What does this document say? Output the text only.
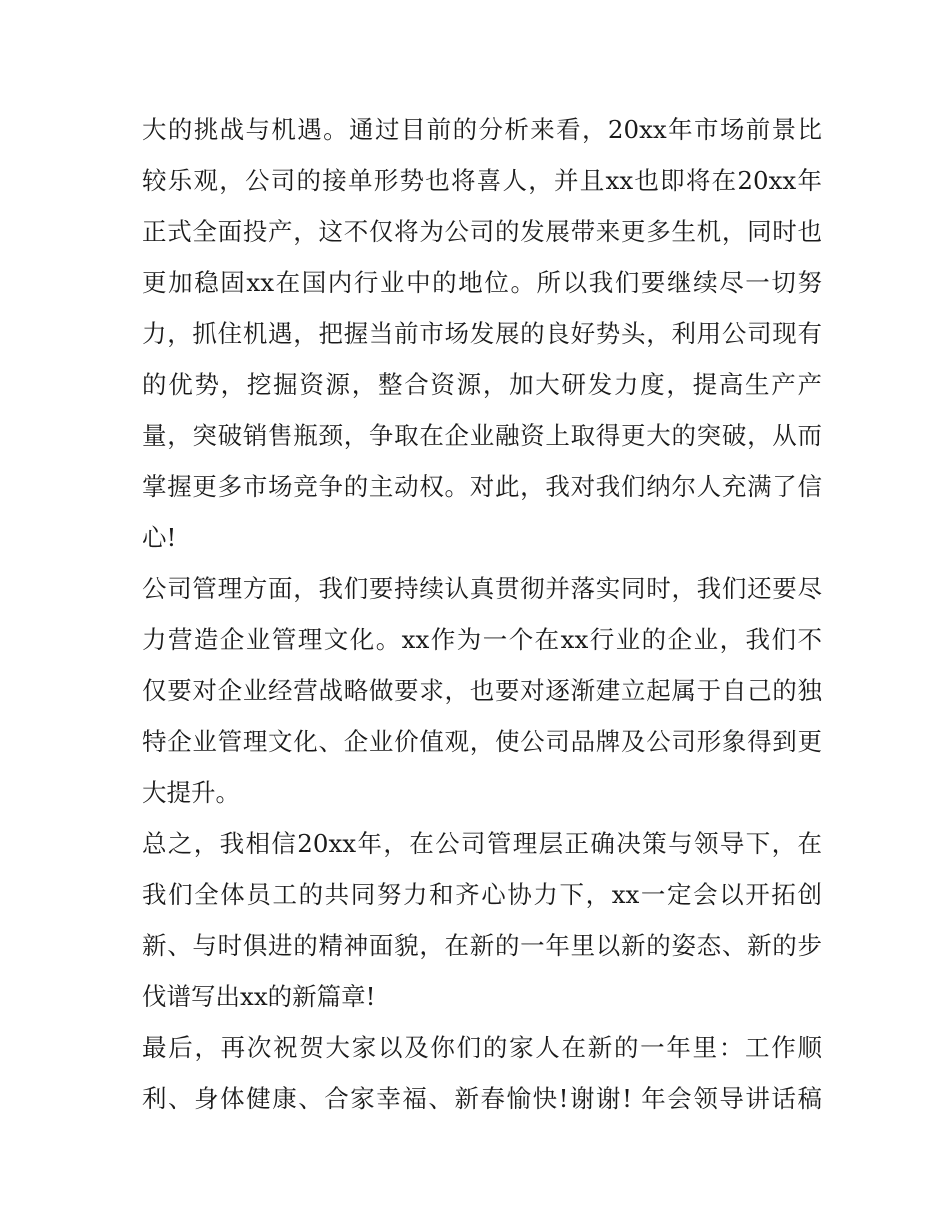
大的挑战与机遇。通过目前的分析来看，20xx年市场前景比
较乐观，公司的接单形势也将喜人，并且xx也即将在20xx年
正式全面投产，这不仅将为公司的发展带来更多生机，同时也
更加稳固xx在国内行业中的地位。所以我们要继续尽一切努
力，抓住机遇，把握当前市场发展的良好势头，利用公司现有
的优势，挖掘资源，整合资源，加大研发力度，提高生产产
量，突破销售瓶颈，争取在企业融资上取得更大的突破，从而
掌握更多市场竞争的主动权。对此，我对我们纳尔人充满了信
心!
公司管理方面，我们要持续认真贯彻并落实同时，我们还要尽
力营造企业管理文化。xx作为一个在xx行业的企业，我们不
仅要对企业经营战略做要求，也要对逐渐建立起属于自己的独
特企业管理文化、企业价值观，使公司品牌及公司形象得到更
大提升。
总之，我相信20xx年，在公司管理层正确决策与领导下，在
我们全体员工的共同努力和齐心协力下，xx一定会以开拓创
新、与时俱进的精神面貌，在新的一年里以新的姿态、新的步
伐谱写出xx的新篇章!
最后，再次祝贺大家以及你们的家人在新的一年里：工作顺
利、身体健康、合家幸福、新春愉快!谢谢! 年会领导讲话稿
